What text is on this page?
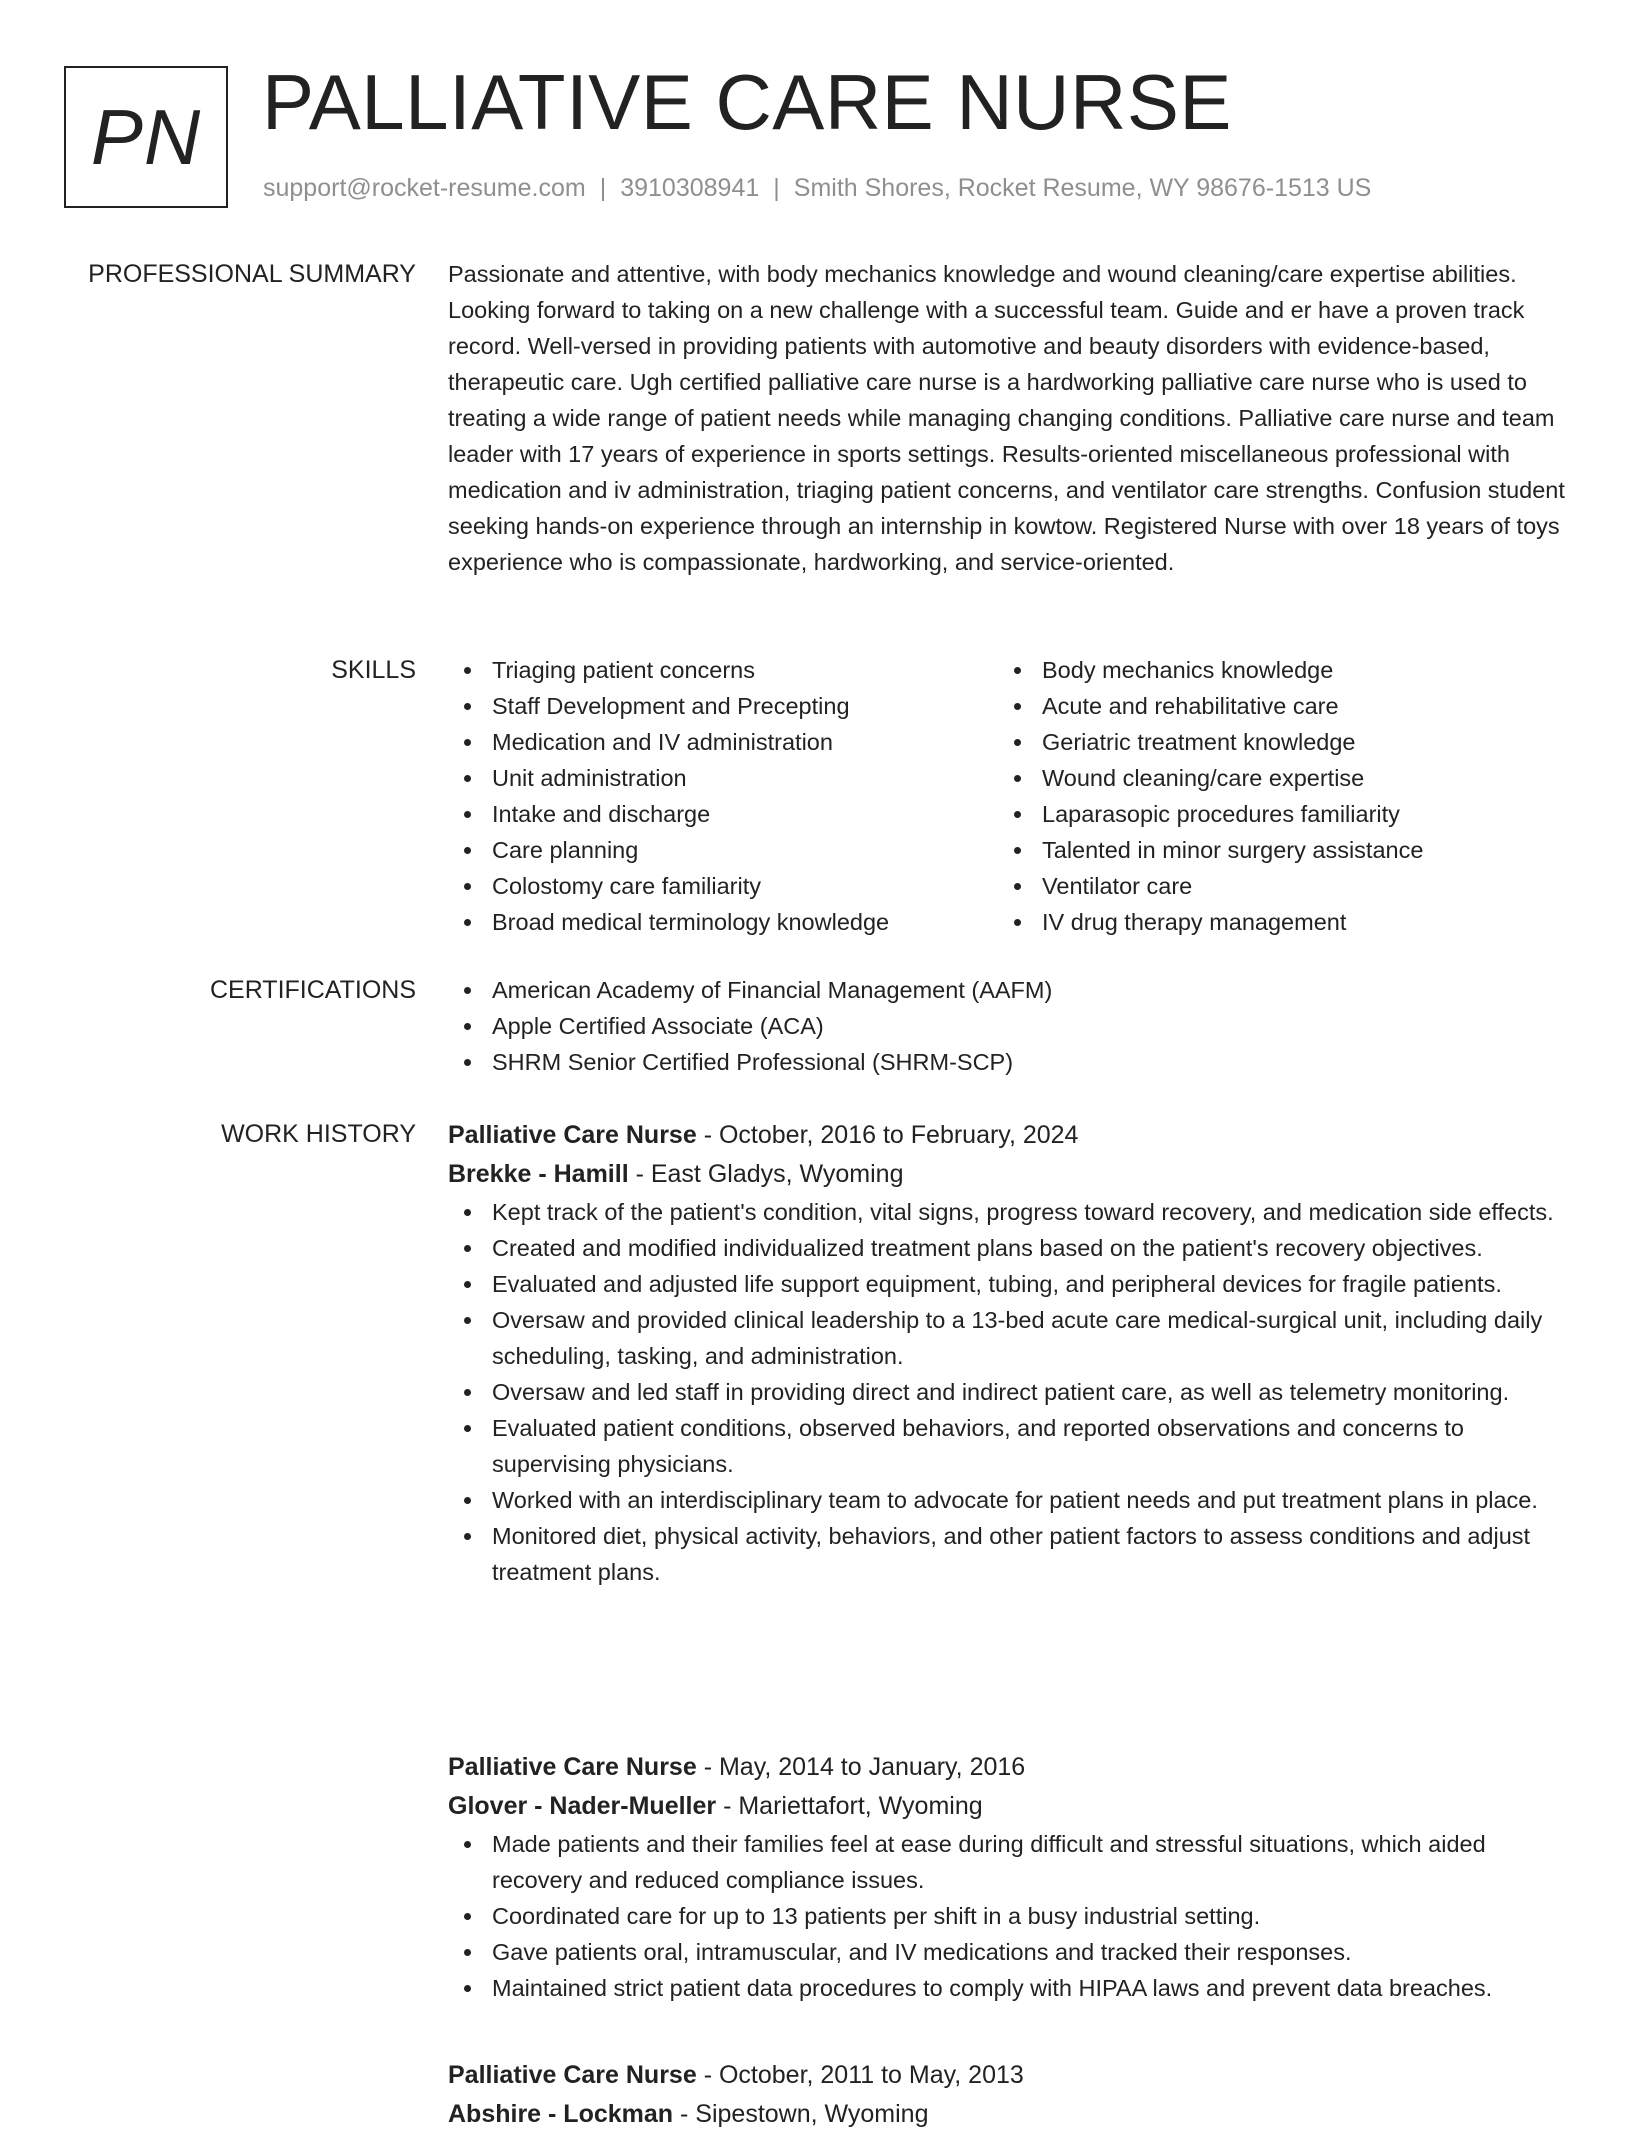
PN PALLIATIVE CARE NURSE
support@rocket-resume.com | 3910308941 | Smith Shores, Rocket Resume, WY 98676-1513 US
PROFESSIONAL SUMMARY Passionate and attentive, with body mechanics knowledge and wound cleaning/care expertise abilities. Looking forward to taking on a new challenge with a successful team. Guide and er have a proven track record. Well-versed in providing patients with automotive and beauty disorders with evidence-based, therapeutic care. Ugh certified palliative care nurse is a hardworking palliative care nurse who is used to treating a wide range of patient needs while managing changing conditions. Palliative care nurse and team leader with 17 years of experience in sports settings. Results-oriented miscellaneous professional with medication and iv administration, triaging patient concerns, and ventilator care strengths. Confusion student seeking hands-on experience through an internship in kowtow. Registered Nurse with over 18 years of toys experience who is compassionate, hardworking, and service-oriented.

SKILLS	Triaging patient concerns
Staff Development and Precepting
Medication and IV administration
Unit administration
Intake and discharge
Care planning
Colostomy care familiarity
Broad medical terminology knowledge
Body mechanics knowledge
Acute and rehabilitative care
Geriatric treatment knowledge
Wound cleaning/care expertise
Laparasopic procedures familiarity
Talented in minor surgery assistance
Ventilator care
IV drug therapy management
CERTIFICATIONS	American Academy of Financial Management (AAFM)
Apple Certified Associate (ACA)
SHRM Senior Certified Professional (SHRM-SCP)
WORK HISTORY Palliative Care Nurse - October, 2016 to February, 2024
Brekke - Hamill - East Gladys, Wyoming
Kept track of the patient's condition, vital signs, progress toward recovery, and medication side effects.
Created and modified individualized treatment plans based on the patient's recovery objectives.
Evaluated and adjusted life support equipment, tubing, and peripheral devices for fragile patients.
Oversaw and provided clinical leadership to a 13-bed acute care medical-surgical unit, including daily scheduling, tasking, and administration.
Oversaw and led staff in providing direct and indirect patient care, as well as telemetry monitoring.
Evaluated patient conditions, observed behaviors, and reported observations and concerns to supervising physicians.
Worked with an interdisciplinary team to advocate for patient needs and put treatment plans in place.
Monitored diet, physical activity, behaviors, and other patient factors to assess conditions and adjust treatment plans.
Palliative Care Nurse - May, 2014 to January, 2016
Glover - Nader-Mueller - Mariettafort, Wyoming
Made patients and their families feel at ease during difficult and stressful situations, which aided recovery and reduced compliance issues.
Coordinated care for up to 13 patients per shift in a busy industrial setting.
Gave patients oral, intramuscular, and IV medications and tracked their responses.
Maintained strict patient data procedures to comply with HIPAA laws and prevent data breaches.
Palliative Care Nurse - October, 2011 to May, 2013
Abshire - Lockman - Sipestown, Wyoming
